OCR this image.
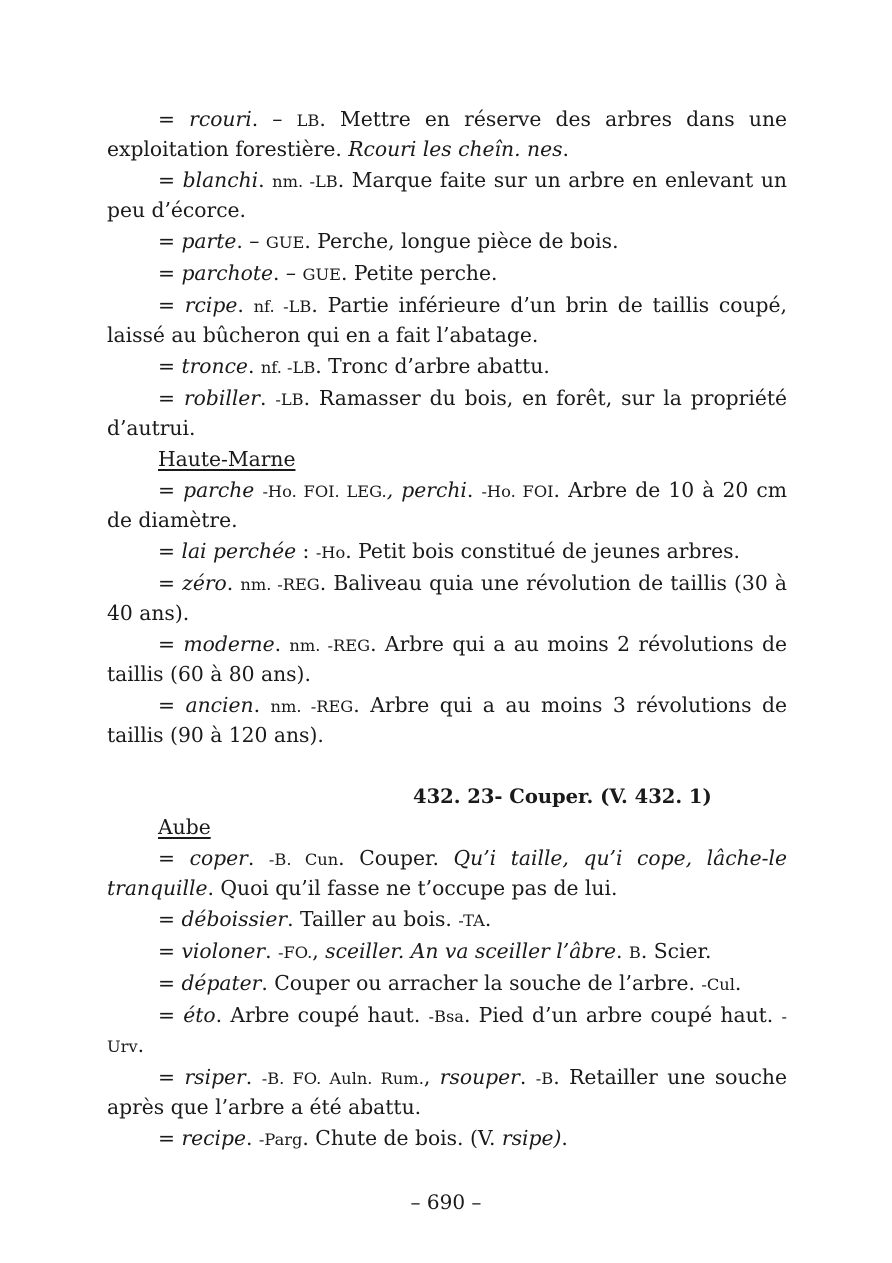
= rcouri. – LB. Mettre en réserve des arbres dans une exploitation forestière. Rcouri les cheîn. nes.

= blanchi. nm. -LB. Marque faite sur un arbre en enlevant un peu d’écorce.

= parte. – GUE. Perche, longue pièce de bois.

= parchote. – GUE. Petite perche.

= rcipe. nf. -LB. Partie inférieure d’un brin de taillis coupé, laissé au bûcheron qui en a fait l’abatage.

= tronce. nf. -LB. Tronc d’arbre abattu.

= robiller. -LB. Ramasser du bois, en forêt, sur la propriété d’autrui.

Haute-Marne

= parche -Ho. FOI. LEG., perchi. -Ho. FOI. Arbre de 10 à 20 cm de diamètre.

= lai perchée : -Ho. Petit bois constitué de jeunes arbres.

= zéro. nm. -REG. Baliveau quia une révolution de taillis (30 à 40 ans).

= moderne. nm. -REG. Arbre qui a au moins 2 révolutions de taillis (60 à 80 ans).

= ancien. nm. -REG. Arbre qui a au moins 3 révolutions de taillis (90 à 120 ans).

432. 23- Couper. (V. 432. 1)

Aube

= coper. -B. Cun. Couper. Qu’i taille, qu’i cope, lâche-le tranquille. Quoi qu’il fasse ne t’occupe pas de lui.

= déboissier. Tailler au bois. -TA.

= violoner. -FO., sceiller. An va sceiller l’âbre. B. Scier.

= dépater. Couper ou arracher la souche de l’arbre. -Cul.

= éto. Arbre coupé haut. -Bsa. Pied d’un arbre coupé haut. -Urv.

= rsiper. -B. FO. Auln. Rum., rsouper. -B. Retailler une souche après que l’arbre a été abattu.

= recipe. -Parg. Chute de bois. (V. rsipe).

– 690 –
